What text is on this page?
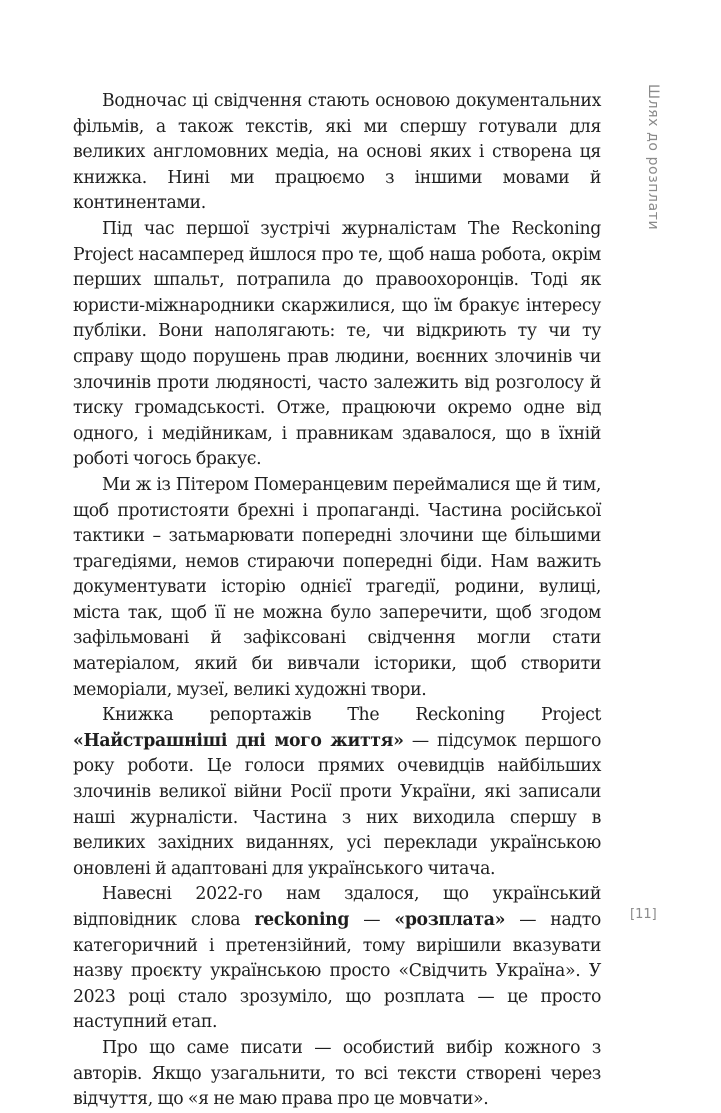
Шлях до розплати

Водночас ці свідчення стають основою документальних фільмів, а також текстів, які ми спершу готували для великих англомовних медіа, на основі яких і створена ця книжка. Нині ми працюємо з іншими мовами й континентами.

Під час першої зустрічі журналістам The Reckoning Project насамперед йшлося про те, щоб наша робота, окрім перших шпальт, потрапила до правоохоронців. Тоді як юристи-міжнародники скаржилися, що їм бракує інтересу публіки. Вони наполягають: те, чи відкриють ту чи ту справу щодо порушень прав людини, воєнних злочинів чи злочинів проти людяності, часто залежить від розголосу й тиску громадськості. Отже, працюючи окремо одне від одного, і медійникам, і правникам здавалося, що в їхній роботі чогось бракує.

Ми ж із Пітером Померанцевим переймалися ще й тим, щоб протистояти брехні і пропаганді. Частина російської тактики – затьмарювати попередні злочини ще більшими трагедіями, немов стираючи попередні біди. Нам важить документувати історію однієї трагедії, родини, вулиці, міста так, щоб її не можна було заперечити, щоб згодом зафільмовані й зафіксовані свідчення могли стати матеріалом, який би вивчали історики, щоб створити меморіали, музеї, великі художні твори.

Книжка репортажів The Reckoning Project «Найстрашніші дні мого життя» — підсумок першого року роботи. Це голоси прямих очевидців найбільших злочинів великої війни Росії проти України, які записали наші журналісти. Частина з них виходила спершу в великих західних виданнях, усі переклади українською оновлені й адаптовані для українського читача.

Навесні 2022-го нам здалося, що український відповідник слова reckoning — «розплата» — надто категоричний і претензійний, тому вирішили вказувати назву проєкту українською просто «Свідчить Україна». У 2023 році стало зрозуміло, що розплата — це просто наступний етап.

Про що саме писати — особистий вибір кожного з авторів. Якщо узагальнити, то всі тексти створені через відчуття, що «я не маю права про це мовчати».

[11]
